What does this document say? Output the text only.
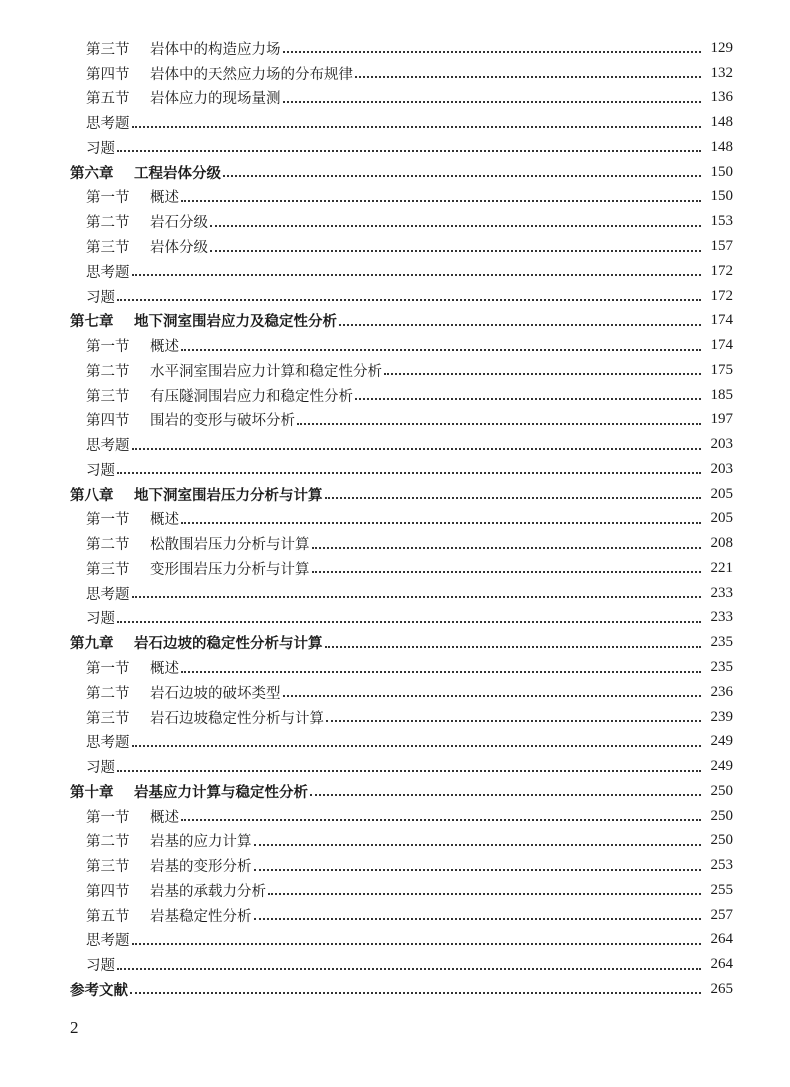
第三节 岩体中的构造应力场	129
第四节 岩体中的天然应力场的分布规律	132
第五节 岩体应力的现场量测	136
思考题	148
习题	148
第六章 工程岩体分级	150
第一节 概述	150
第二节 岩石分级	153
第三节 岩体分级	157
思考题	172
习题	172
第七章 地下洞室围岩应力及稳定性分析	174
第一节 概述	174
第二节 水平洞室围岩应力计算和稳定性分析	175
第三节 有压隧洞围岩应力和稳定性分析	185
第四节 围岩的变形与破坏分析	197
思考题	203
习题	203
第八章 地下洞室围岩压力分析与计算	205
第一节 概述	205
第二节 松散围岩压力分析与计算	208
第三节 变形围岩压力分析与计算	221
思考题	233
习题	233
第九章 岩石边坡的稳定性分析与计算	235
第一节 概述	235
第二节 岩石边坡的破坏类型	236
第三节 岩石边坡稳定性分析与计算	239
思考题	249
习题	249
第十章 岩基应力计算与稳定性分析	250
第一节 概述	250
第二节 岩基的应力计算	250
第三节 岩基的变形分析	253
第四节 岩基的承载力分析	255
第五节 岩基稳定性分析	257
思考题	264
习题	264
参考文献	265
2
